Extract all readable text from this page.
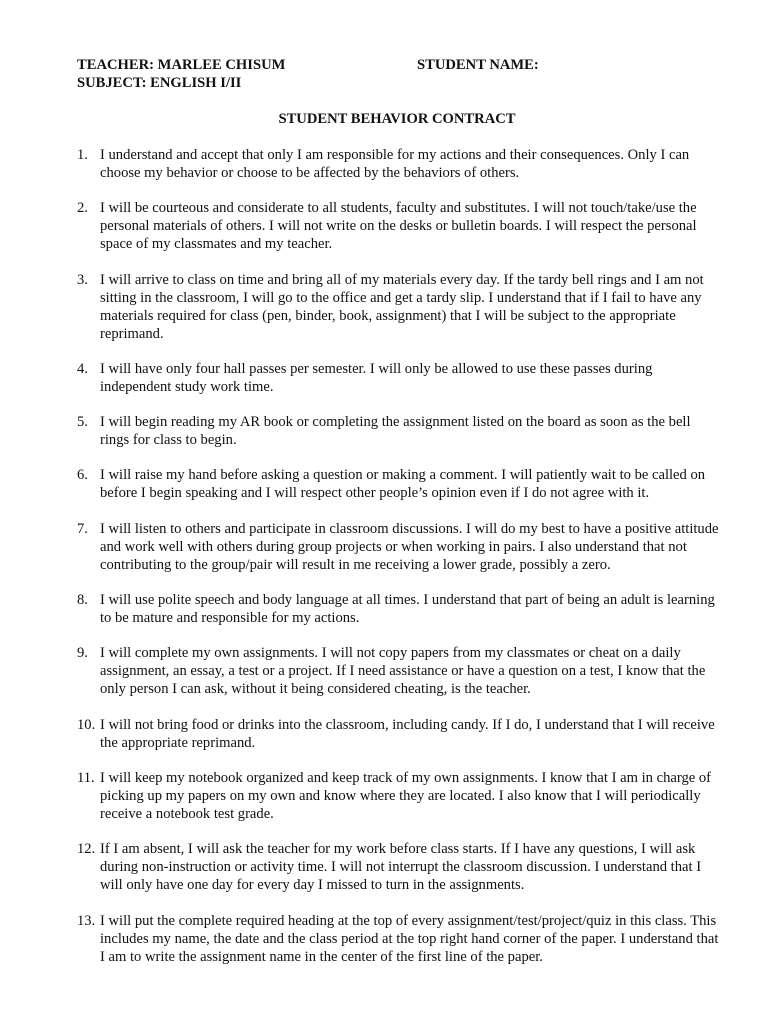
TEACHER: MARLEE CHISUM	STUDENT NAME:
SUBJECT: ENGLISH I/II
STUDENT BEHAVIOR CONTRACT
1. I understand and accept that only I am responsible for my actions and their consequences. Only I can choose my behavior or choose to be affected by the behaviors of others.
2. I will be courteous and considerate to all students, faculty and substitutes. I will not touch/take/use the personal materials of others. I will not write on the desks or bulletin boards. I will respect the personal space of my classmates and my teacher.
3. I will arrive to class on time and bring all of my materials every day. If the tardy bell rings and I am not sitting in the classroom, I will go to the office and get a tardy slip. I understand that if I fail to have any materials required for class (pen, binder, book, assignment) that I will be subject to the appropriate reprimand.
4. I will have only four hall passes per semester. I will only be allowed to use these passes during independent study work time.
5. I will begin reading my AR book or completing the assignment listed on the board as soon as the bell rings for class to begin.
6. I will raise my hand before asking a question or making a comment. I will patiently wait to be called on before I begin speaking and I will respect other people’s opinion even if I do not agree with it.
7. I will listen to others and participate in classroom discussions. I will do my best to have a positive attitude and work well with others during group projects or when working in pairs. I also understand that not contributing to the group/pair will result in me receiving a lower grade, possibly a zero.
8. I will use polite speech and body language at all times. I understand that part of being an adult is learning to be mature and responsible for my actions.
9. I will complete my own assignments. I will not copy papers from my classmates or cheat on a daily assignment, an essay, a test or a project. If I need assistance or have a question on a test, I know that the only person I can ask, without it being considered cheating, is the teacher.
10. I will not bring food or drinks into the classroom, including candy. If I do, I understand that I will receive the appropriate reprimand.
11. I will keep my notebook organized and keep track of my own assignments. I know that I am in charge of picking up my papers on my own and know where they are located. I also know that I will periodically receive a notebook test grade.
12. If I am absent, I will ask the teacher for my work before class starts. If I have any questions, I will ask during non-instruction or activity time. I will not interrupt the classroom discussion. I understand that I will only have one day for every day I missed to turn in the assignments.
13. I will put the complete required heading at the top of every assignment/test/project/quiz in this class. This includes my name, the date and the class period at the top right hand corner of the paper. I understand that I am to write the assignment name in the center of the first line of the paper.
